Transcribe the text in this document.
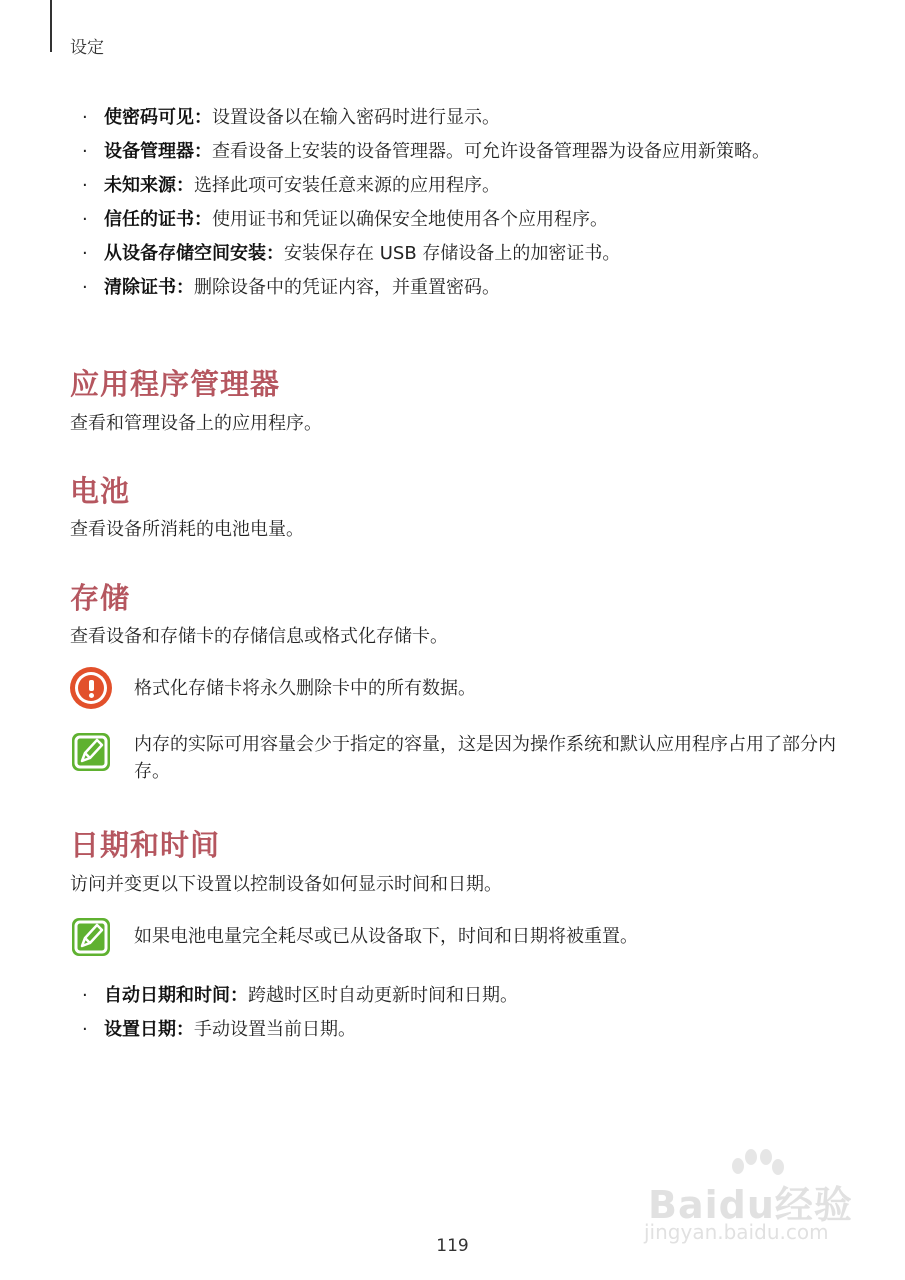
设定
· 使密码可见：设置设备以在输入密码时进行显示。
· 设备管理器：查看设备上安装的设备管理器。可允许设备管理器为设备应用新策略。
· 未知来源：选择此项可安装任意来源的应用程序。
· 信任的证书：使用证书和凭证以确保安全地使用各个应用程序。
· 从设备存储空间安装：安装保存在 USB 存储设备上的加密证书。
· 清除证书：删除设备中的凭证内容，并重置密码。
应用程序管理器
查看和管理设备上的应用程序。
电池
查看设备所消耗的电池电量。
存储
查看设备和存储卡的存储信息或格式化存储卡。
格式化存储卡将永久删除卡中的所有数据。
内存的实际可用容量会少于指定的容量，这是因为操作系统和默认应用程序占用了部分内存。
日期和时间
访问并变更以下设置以控制设备如何显示时间和日期。
如果电池电量完全耗尽或已从设备取下，时间和日期将被重置。
· 自动日期和时间：跨越时区时自动更新时间和日期。
· 设置日期：手动设置当前日期。
Baidu经验
jingyan.baidu.com
119
